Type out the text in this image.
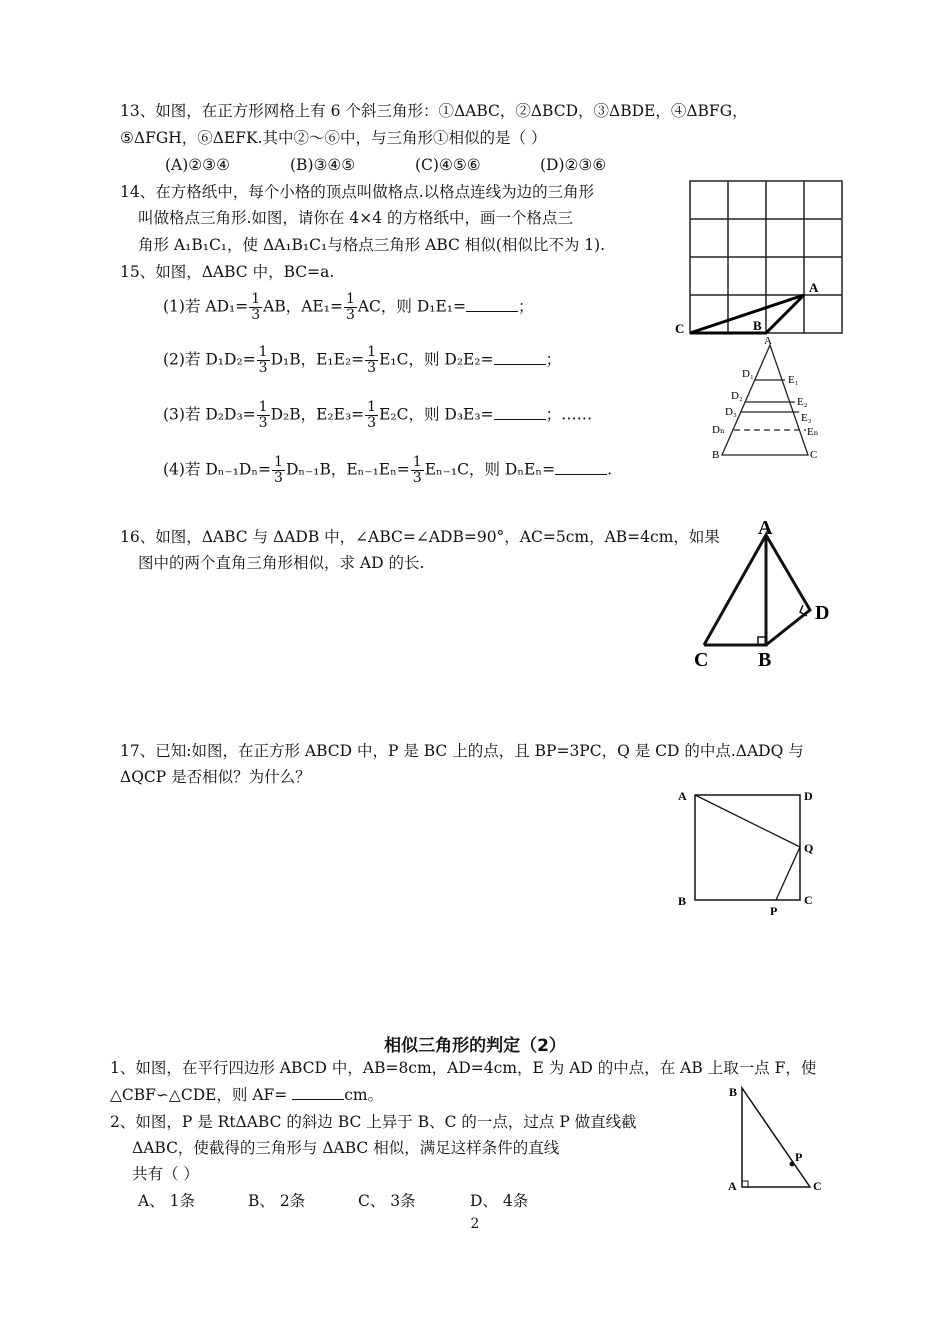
13、如图，在正方形网格上有 6 个斜三角形：①ΔABC，②ΔBCD，③ΔBDE，④ΔBFG，
⑤ΔFGH，⑥ΔEFK.其中②～⑥中，与三角形①相似的是（ ）
(A)②③④	(B)③④⑤	(C)④⑤⑥	(D)②③⑥
14、在方格纸中，每个小格的顶点叫做格点.以格点连线为边的三角形
叫做格点三角形.如图，请你在 4×4 的方格纸中，画一个格点三
角形 A₁B₁C₁，使 ΔA₁B₁C₁与格点三角形 ABC 相似(相似比不为 1).
15、如图，ΔABC 中，BC=a.
(1)若 $AD_1= \frac{1}{3}$ AB，$AE_1= \frac{1}{3}$ AC，则 D₁E₁=	；
(2)若 $D_1D_2= \frac{1}{3} D_1B$，$E_1E_2= \frac{1}{3} E_1C$，则 D₂E₂=	；
(3)若 $D_2D_3= \frac{1}{3} D_2B$，$E_2E_3= \frac{1}{3} E_2C$，则 D₃E₃=	；……
(4)若 $D_{n-1}D_n= \frac{1}{3} D_{n-1}B$，$E_{n-1}E_n= \frac{1}{3} E_{n-1}C$，则 DₙEₙ=	.
A
B
C
A
D₁	E₁
D₂	E₂
D₃	E₃
Dₙ	Eₙ
B	C
16、如图，ΔABC 与 ΔADB 中，∠ABC=∠ADB=90°，AC=5cm，AB=4cm，如果
图中的两个直角三角形相似，求 AD 的长.
A
D
C B
17、已知:如图，在正方形 ABCD 中，P 是 BC 上的点，且 BP=3PC，Q 是 CD 的中点.ΔADQ 与
ΔQCP 是否相似？为什么？
A	D
Q
B	C
P
相似三角形的判定（2）
1、如图，在平行四边形 ABCD 中，AB=8cm，AD=4cm，E 为 AD 的中点，在 AB 上取一点 F，使
△CBF∽△CDE，则 AF=	cm。
2、如图，P 是 RtΔABC 的斜边 BC 上异于 B、C 的一点，过点 P 做直线截
ΔABC，使截得的三角形与 ΔABC 相似，满足这样条件的直线
共有（ ）
A、 1条	B、 2条	C、 3条	D、 4条
B
A	C
P
2
